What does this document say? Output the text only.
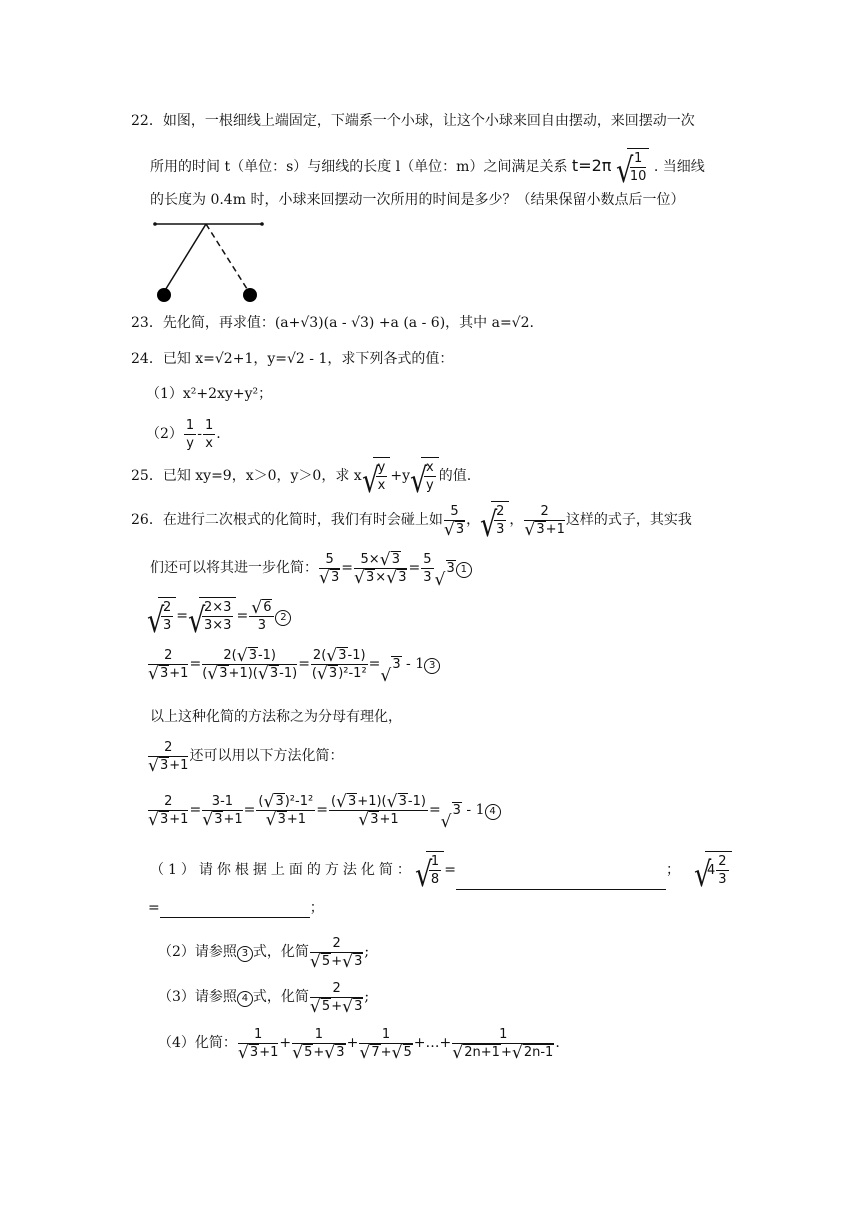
22．如图，一根细线上端固定，下端系一个小球，让这个小球来回自由摆动，来回摆动一次
所用的时间 t（单位：s）与细线的长度 l（单位：m）之间满足关系 t=2π √ $\frac{1}{10}$ . 当细线
的长度为 0.4m 时，小球来回摆动一次所用的时间是多少？（结果保留小数点后一位）
23．先化简，再求值：(a+√3)(a - √3) +a (a - 6)，其中 a=√2.
24．已知 x=√2+1，y=√2 - 1，求下列各式的值：
（1）x²+2xy+y²；
$(2) \frac{1}{y} - \frac{1}{x}$ .
25．已知 xy=9，x＞0，y＞0，求 x √ $\frac{y}{x} +y$ √ $\frac{x}{y}$ 的值.
26．在进行二次根式的化简时，我们有时会碰上如 5
√ 3 ， √ $\frac{2}{3}$ ， 2
√ 3+1 这样的式子，其实我
们还可以将其进一步化简： 5
√ 3 = 5× √ 3
√ 3× √ $3 = \frac{5}{3}$ √ 3 1
√ $\frac{2}{3}$ = √ $\frac{2\times 3}{3\times 3}$ = √ $\frac{6}{3} 2$
2
√ $3+1 = \frac{2( √ 3-1)}{( √ 3+1)( √ 3-1)} = \frac{2( √ 3-1)}{\text{( √ 3)²-1²}}$ = √ 3 - 1 3
以上这种化简的方法称之为分母有理化，
2
√ 3+1 还可以用以下方法化简：
2
√ 3+1 = 3-1
√ 3+1 = ( √ 3)²-1²
√ 3+1 = ( √ 3+1)( √ 3-1)
√ 3+1 = √ 3 - 1 4
（1）请你根据上面的方法化简： √ $\frac{1}{8}$ =	； √ $4 \frac{2}{3}$
=	；
（2）请参照 3 式，化简 2
√ 5+ √ 3 ;
（3）请参照 4 式，化简 2
√ 5+ √ 3 ;
（4）化简： 1
√ 3+1 + 1
√ 5+ √ 3 + 1
√ 7+ √ 5 +…+ 1
√ 2n+1+ √ 2n-1 .
